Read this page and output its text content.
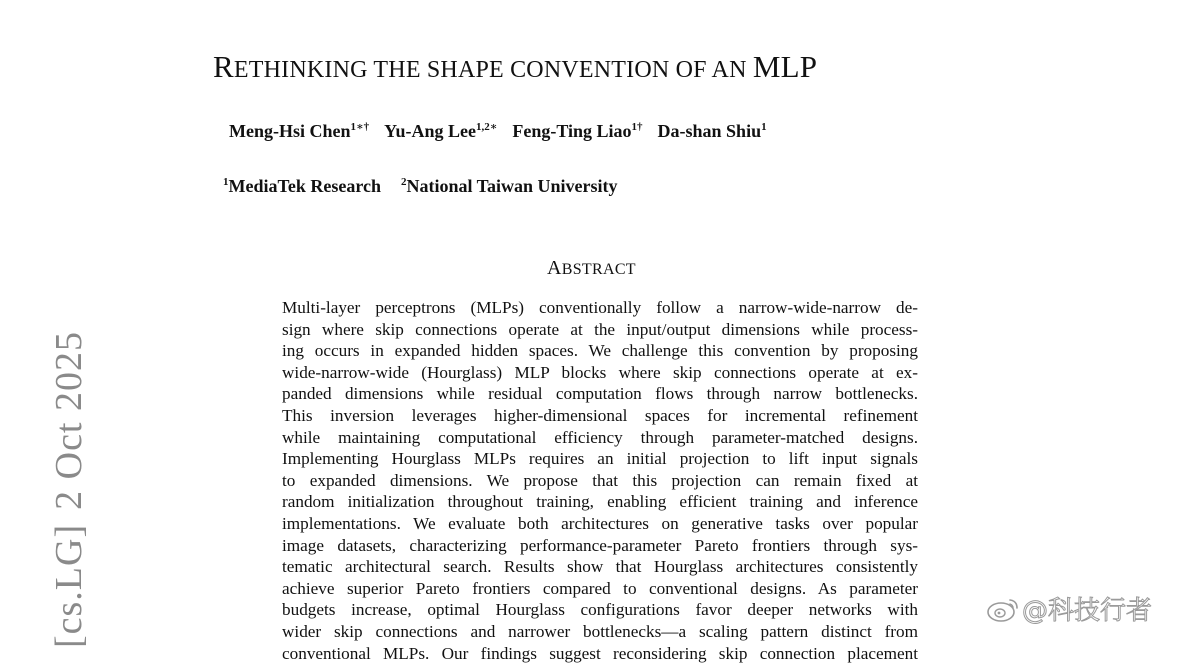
RETHINKING THE SHAPE CONVENTION OF AN MLP
Meng-Hsi Chen$^{1∗\dagger}$ Yu-Ang Lee$^{1,2∗}$ Feng-Ting Liao$^{1\dagger}$ Da-shan Shiu$^1$
$^1$MediaTek Research $^2$National Taiwan University
ABSTRACT
Multi-layer perceptrons (MLPs) conventionally follow a narrow-wide-narrow de-
sign where skip connections operate at the input/output dimensions while process-
ing occurs in expanded hidden spaces. We challenge this convention by proposing
wide-narrow-wide (Hourglass) MLP blocks where skip connections operate at ex-
panded dimensions while residual computation flows through narrow bottlenecks.
This inversion leverages higher-dimensional spaces for incremental refinement
while maintaining computational efficiency through parameter-matched designs.
Implementing Hourglass MLPs requires an initial projection to lift input signals
to expanded dimensions. We propose that this projection can remain fixed at
random initialization throughout training, enabling efficient training and inference
implementations. We evaluate both architectures on generative tasks over popular
image datasets, characterizing performance-parameter Pareto frontiers through sys-
tematic architectural search. Results show that Hourglass architectures consistently
achieve superior Pareto frontiers compared to conventional designs. As parameter
budgets increase, optimal Hourglass configurations favor deeper networks with
wider skip connections and narrower bottlenecks—a scaling pattern distinct from
conventional MLPs. Our findings suggest reconsidering skip connection placement
[cs.LG]2 Oct 2025
@科技行者
